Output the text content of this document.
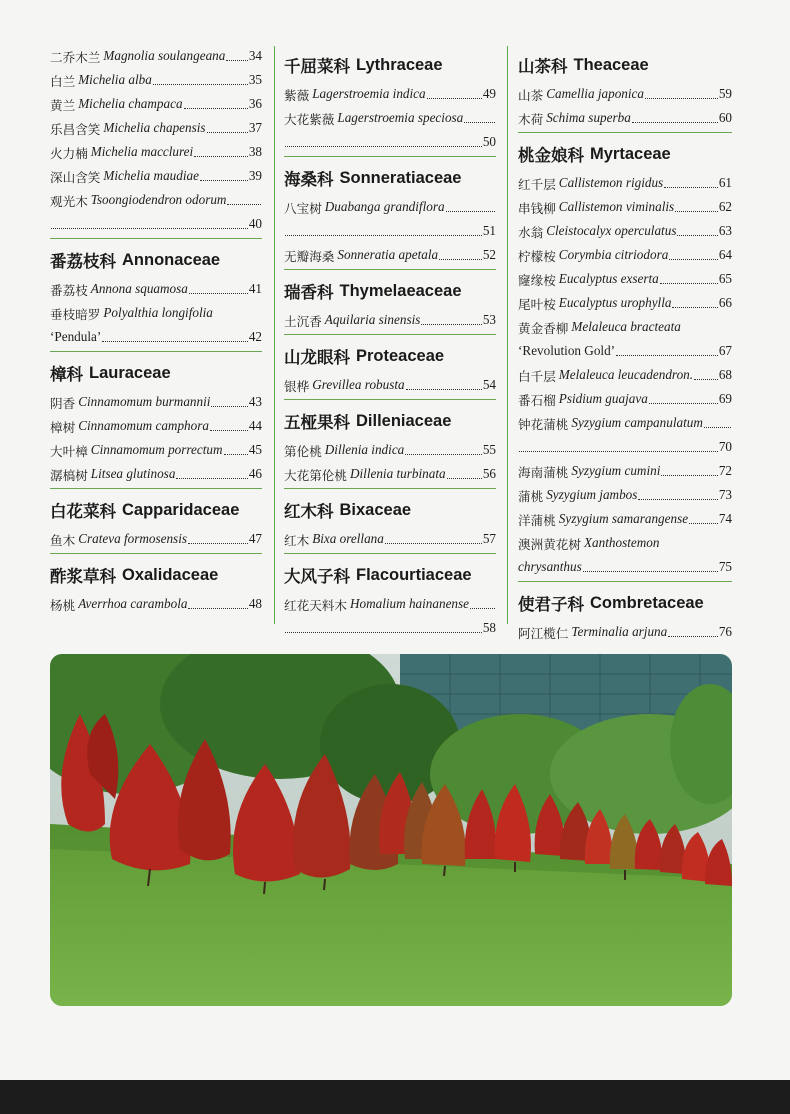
二乔木兰 Magnolia soulangeana 34
白兰 Michelia alba	35
黄兰 Michelia champaca	36
乐昌含笑 Michelia chapensis	37
火力楠 Michelia macclurei	38
深山含笑 Michelia maudiae	39
观光木 Tsoongiodendron odorum
40
番荔枝科 Annonaceae
番荔枝 Annona squamosa	41
垂枝暗罗 Polyalthia longifolia
‘Pendula’	42
樟科 Lauraceae
阴香 Cinnamomum burmannii	43
樟树 Cinnamomum camphora	44
大叶樟 Cinnamomum porrectum 45
潺槁树 Litsea glutinosa	46
白花菜科 Capparidaceae
鱼木 Crateva formosensis	47
酢浆草科 Oxalidaceae
杨桃 Averrhoa carambola	48
千屈菜科 Lythraceae
紫薇 Lagerstroemia indica	49
大花紫薇 Lagerstroemia speciosa
50
海桑科 Sonneratiaceae
八宝树 Duabanga grandiflora
51
无瓣海桑 Sonneratia apetala	52
瑞香科 Thymelaeaceae
土沉香 Aquilaria sinensis	53
山龙眼科 Proteaceae
银桦 Grevillea robusta	54
五桠果科 Dilleniaceae
第伦桃 Dillenia indica	55
大花第伦桃 Dillenia turbinata	56
红木科 Bixaceae
红木 Bixa orellana	57
大风子科 Flacourtiaceae
红花天料木 Homalium hainanense
58
山茶科 Theaceae
山茶 Camellia japonica	59
木荷 Schima superba	60
桃金娘科 Myrtaceae
红千层 Callistemon rigidus	61
串钱柳 Callistemon viminalis	62
水翁 Cleistocalyx operculatus	63
柠檬桉 Corymbia citriodora	64
窿缘桉 Eucalyptus exserta	65
尾叶桉 Eucalyptus urophylla	66
黄金香柳 Melaleuca bracteata
‘Revolution Gold’	67
白千层 Melaleuca leucadendron. 68
番石榴 Psidium guajava	69
钟花蒲桃 Syzygium campanulatum
70
海南蒲桃 Syzygium cumini	72
蒲桃 Syzygium jambos	73
洋蒲桃 Syzygium samarangense 74
澳洲黄花树 Xanthostemon
chrysanthus	75
使君子科 Combretaceae
阿江榄仁 Terminalia arjuna	76
